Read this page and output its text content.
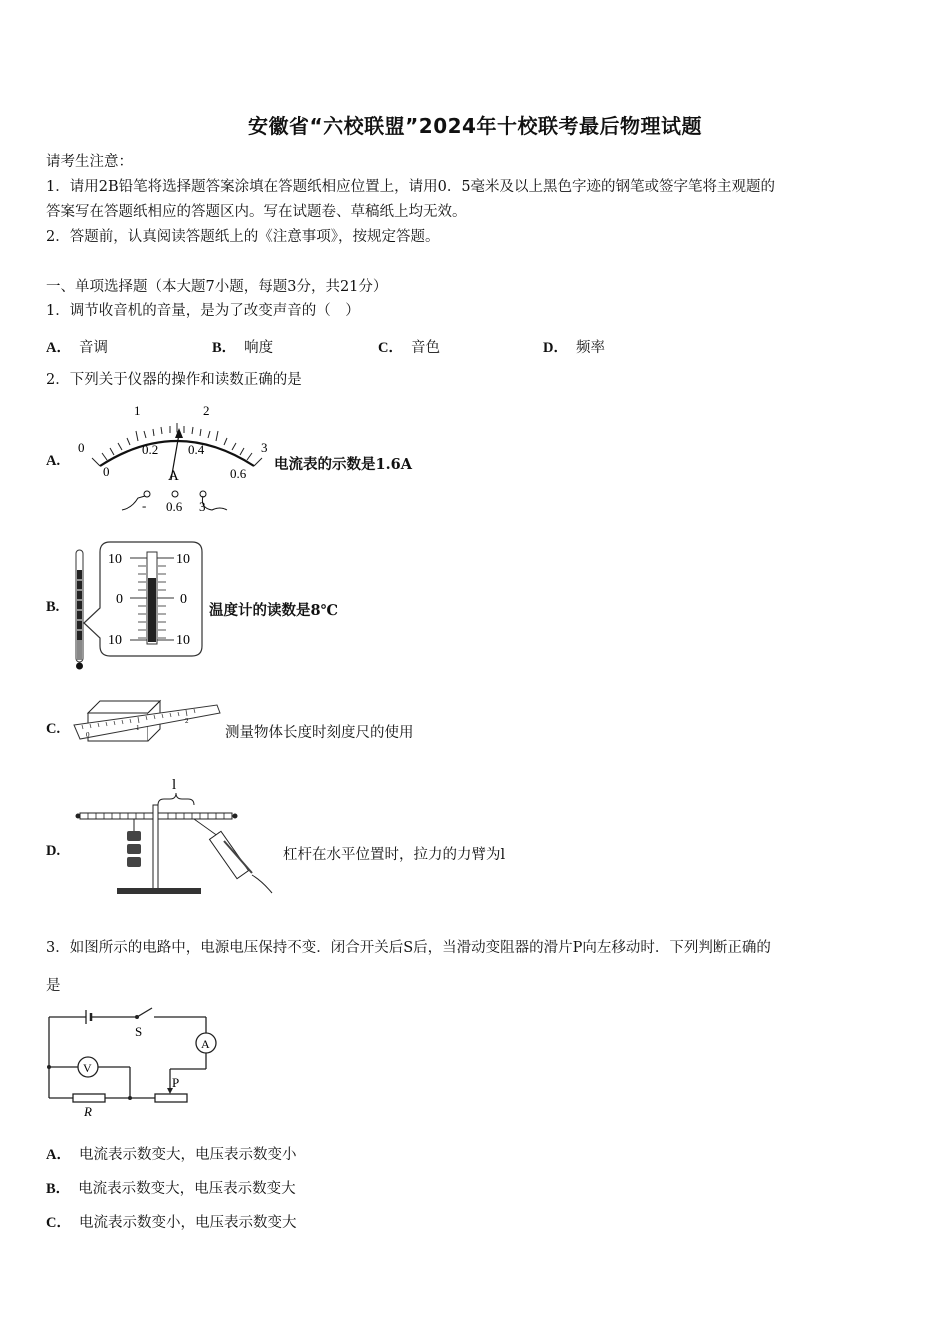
安徽省“六校联盟”2024年十校联考最后物理试题
请考生注意：
1．请用2B铅笔将选择题答案涂填在答题纸相应位置上，请用0．5毫米及以上黑色字迹的钢笔或签字笔将主观题的
答案写在答题纸相应的答题区内。写在试题卷、草稿纸上均无效。
2．答题前，认真阅读答题纸上的《注意事项》，按规定答题。
一、单项选择题（本大题7小题，每题3分，共21分）
1．调节收音机的音量，是为了改变声音的（　）
A． 音调	B． 响度	C． 音色	D． 频率
2．下列关于仪器的操作和读数正确的是
A.
0
1	2
3
0
0.2 0.4
0.6
A
- 0.6 3
电流表的示数是1.6A
B.
10	10
0	0
10	10
温度计的读数是8℃
C.	0
1
2
测量物体长度时刻度尺的使用
D.
l
杠杆在水平位置时，拉力的力臂为l
3．如图所示的电路中，电源电压保持不变．闭合开关后S后，当滑动变阻器的滑片P向左移动时．下列判断正确的
是
S
A
V
P
R
A． 电流表示数变大，电压表示数变小
B． 电流表示数变大，电压表示数变大
C． 电流表示数变小，电压表示数变大
